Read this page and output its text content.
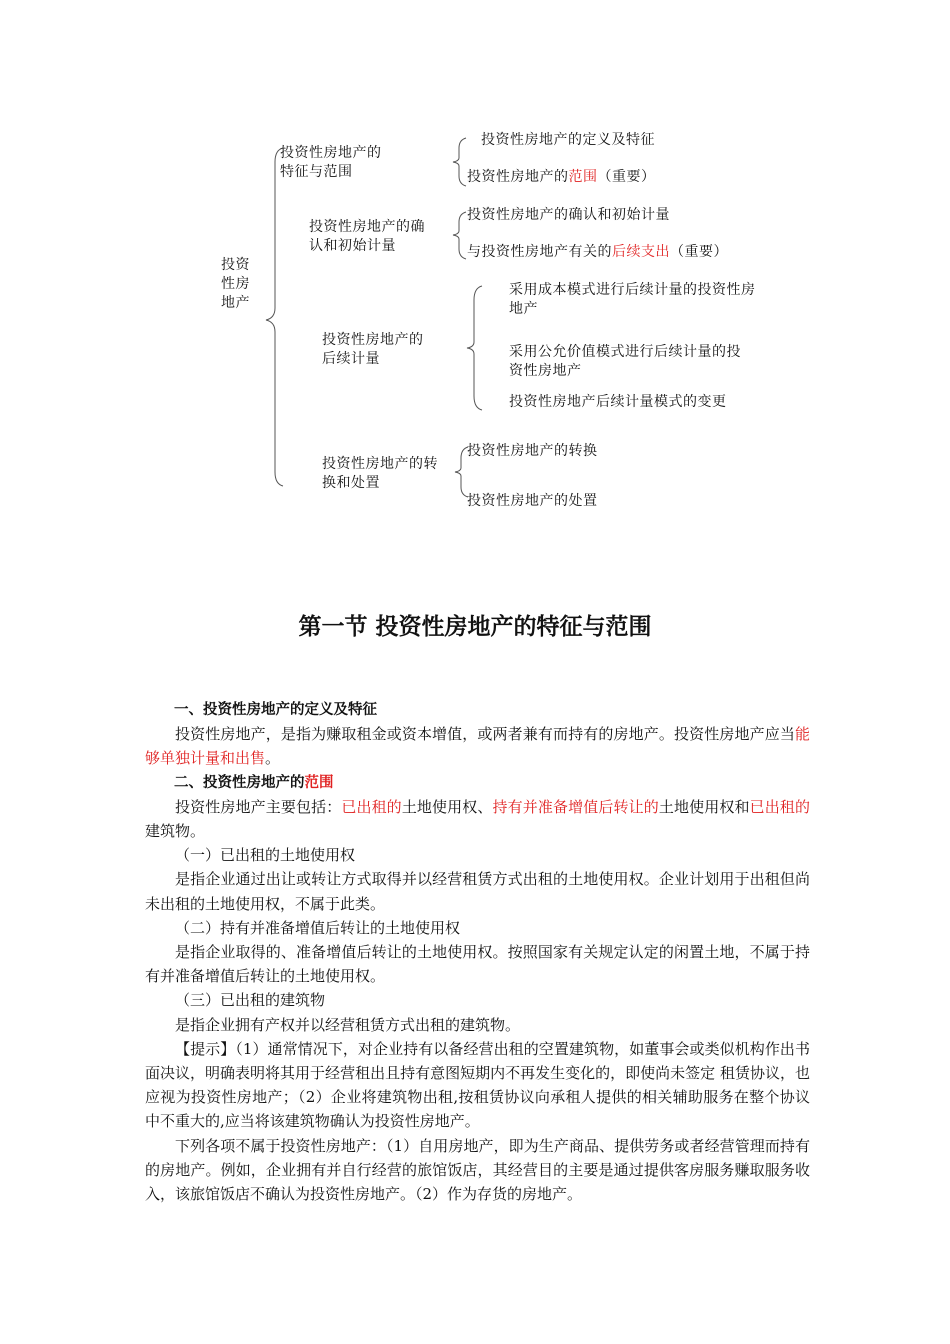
投资
性房
地产
投资性房地产的
特征与范围
投资性房地产的定义及特征
投资性房地产的范围（重要）
投资性房地产的确
认和初始计量
投资性房地产的确认和初始计量
与投资性房地产有关的后续支出（重要）
投资性房地产的
后续计量
采用成本模式进行后续计量的投资性房
地产
采用公允价值模式进行后续计量的投
资性房地产
投资性房地产后续计量模式的变更
投资性房地产的转
换和处置
投资性房地产的转换
投资性房地产的处置
第一节 投资性房地产的特征与范围

一、投资性房地产的定义及特征

投资性房地产，是指为赚取租金或资本增值，或两者兼有而持有的房地产。投资性房地产应当能够单独计量和出售。

二、投资性房地产的范围

投资性房地产主要包括：已出租的土地使用权、持有并准备增值后转让的土地使用权和已出租的建筑物。

（一）已出租的土地使用权

是指企业通过出让或转让方式取得并以经营租赁方式出租的土地使用权。企业计划用于出租但尚未出租的土地使用权，不属于此类。

（二）持有并准备增值后转让的土地使用权

是指企业取得的、准备增值后转让的土地使用权。按照国家有关规定认定的闲置土地，不属于持有并准备增值后转让的土地使用权。

（三）已出租的建筑物

是指企业拥有产权并以经营租赁方式出租的建筑物。

【提示】（1）通常情况下，对企业持有以备经营出租的空置建筑物，如董事会或类似机构作出书面决议，明确表明将其用于经营租出且持有意图短期内不再发生变化的，即使尚未签定 租赁协议，也应视为投资性房地产；（2）企业将建筑物出租,按租赁协议向承租人提供的相关辅助服务在整个协议中不重大的,应当将该建筑物确认为投资性房地产。

下列各项不属于投资性房地产：（1）自用房地产，即为生产商品、提供劳务或者经营管理而持有的房地产。例如，企业拥有并自行经营的旅馆饭店，其经营目的主要是通过提供客房服务赚取服务收入，该旅馆饭店不确认为投资性房地产。（2）作为存货的房地产。
